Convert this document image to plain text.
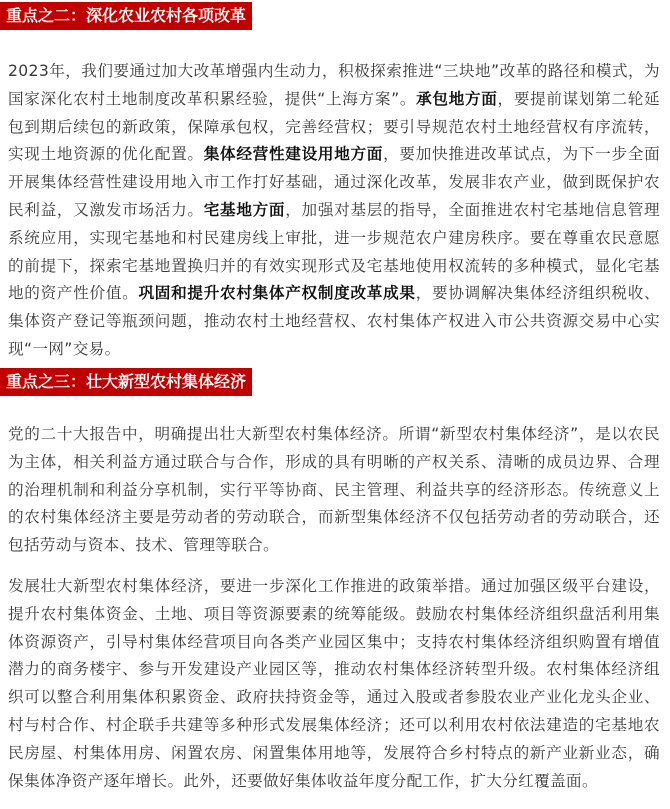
重点之二：深化农业农村各项改革

2023年，我们要通过加大改革增强内生动力，积极探索推进“三块地”改革的路径和模式，为国家深化农村土地制度改革积累经验，提供“上海方案”。承包地方面，要提前谋划第二轮延包到期后续包的新政策，保障承包权，完善经营权；要引导规范农村土地经营权有序流转，实现土地资源的优化配置。集体经营性建设用地方面，要加快推进改革试点，为下一步全面开展集体经营性建设用地入市工作打好基础，通过深化改革，发展非农产业，做到既保护农民利益，又激发市场活力。宅基地方面，加强对基层的指导，全面推进农村宅基地信息管理系统应用，实现宅基地和村民建房线上审批，进一步规范农户建房秩序。要在尊重农民意愿的前提下，探索宅基地置换归并的有效实现形式及宅基地使用权流转的多种模式，显化宅基地的资产性价值。巩固和提升农村集体产权制度改革成果，要协调解决集体经济组织税收、集体资产登记等瓶颈问题，推动农村土地经营权、农村集体产权进入市公共资源交易中心实现“一网”交易。

重点之三：壮大新型农村集体经济

党的二十大报告中，明确提出壮大新型农村集体经济。所谓“新型农村集体经济”，是以农民为主体，相关利益方通过联合与合作，形成的具有明晰的产权关系、清晰的成员边界、合理的治理机制和利益分享机制，实行平等协商、民主管理、利益共享的经济形态。传统意义上的农村集体经济主要是劳动者的劳动联合，而新型集体经济不仅包括劳动者的劳动联合，还包括劳动与资本、技术、管理等联合。

发展壮大新型农村集体经济，要进一步深化工作推进的政策举措。通过加强区级平台建设，提升农村集体资金、土地、项目等资源要素的统筹能级。鼓励农村集体经济组织盘活利用集体资源资产，引导村集体经营项目向各类产业园区集中；支持农村集体经济组织购置有增值潜力的商务楼宇、参与开发建设产业园区等，推动农村集体经济转型升级。农村集体经济组织可以整合利用集体积累资金、政府扶持资金等，通过入股或者参股农业产业化龙头企业、村与村合作、村企联手共建等多种形式发展集体经济；还可以利用农村依法建造的宅基地农民房屋、村集体用房、闲置农房、闲置集体用地等，发展符合乡村特点的新产业新业态，确保集体净资产逐年增长。此外，还要做好集体收益年度分配工作，扩大分红覆盖面。
